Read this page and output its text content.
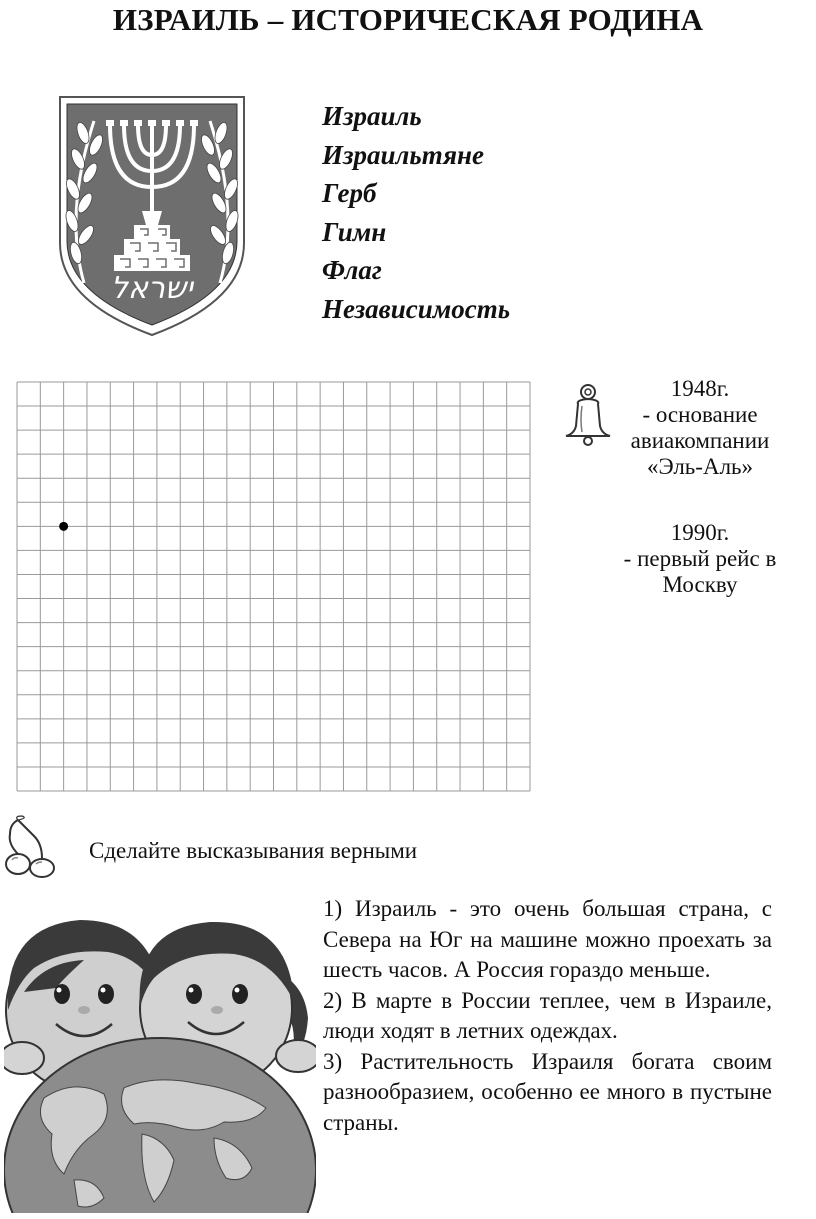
ИЗРАИЛЬ – ИСТОРИЧЕСКАЯ РОДИНА
ישראל
Израиль
Израильтяне
Герб
Гимн
Флаг
Независимость
1948г.
- основание
авиакомпании
«Эль-Аль»
1990г.
- первый рейс в
Москву
Сделайте высказывания верными

1) Израиль - это очень большая страна, с Севера на Юг на машине можно проехать за шесть часов. А Россия гораздо меньше.

2) В марте в России теплее, чем в Израиле, люди ходят в летних одеждах.

3) Растительность Израиля богата своим разнообразием, особенно ее много в пустыне страны.
